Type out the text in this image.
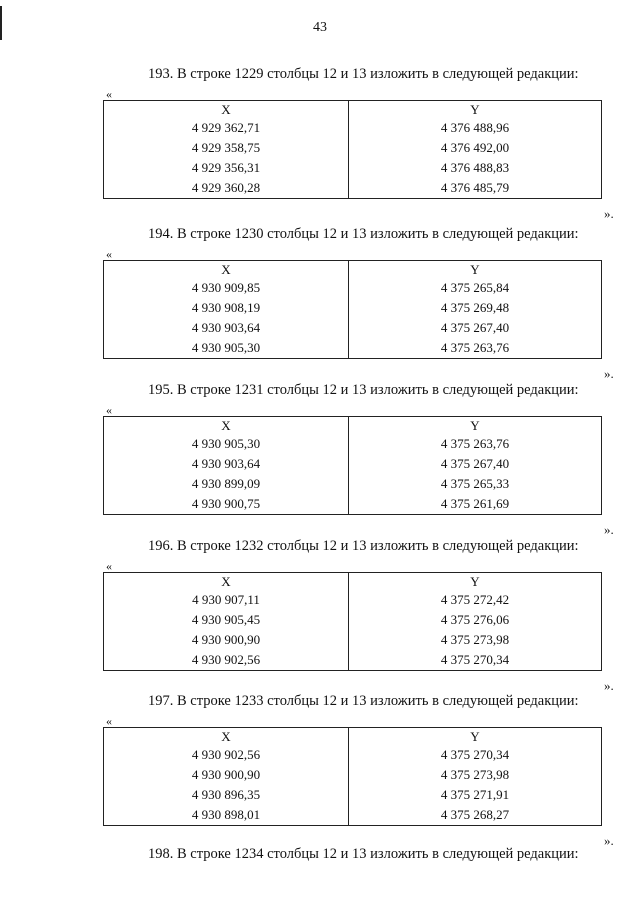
43
193. В строке 1229 столбцы 12 и 13 изложить в следующей редакции:
«
X	Y
4 929 362,71	4 376 488,96
4 929 358,75	4 376 492,00
4 929 356,31	4 376 488,83
4 929 360,28	4 376 485,79
».
194. В строке 1230 столбцы 12 и 13 изложить в следующей редакции:
«
X	Y
4 930 909,85	4 375 265,84
4 930 908,19	4 375 269,48
4 930 903,64	4 375 267,40
4 930 905,30	4 375 263,76
».
195. В строке 1231 столбцы 12 и 13 изложить в следующей редакции:
«
X	Y
4 930 905,30	4 375 263,76
4 930 903,64	4 375 267,40
4 930 899,09	4 375 265,33
4 930 900,75	4 375 261,69
».
196. В строке 1232 столбцы 12 и 13 изложить в следующей редакции:
«
X	Y
4 930 907,11	4 375 272,42
4 930 905,45	4 375 276,06
4 930 900,90	4 375 273,98
4 930 902,56	4 375 270,34
».
197. В строке 1233 столбцы 12 и 13 изложить в следующей редакции:
«
X	Y
4 930 902,56	4 375 270,34
4 930 900,90	4 375 273,98
4 930 896,35	4 375 271,91
4 930 898,01	4 375 268,27
».
198. В строке 1234 столбцы 12 и 13 изложить в следующей редакции:
